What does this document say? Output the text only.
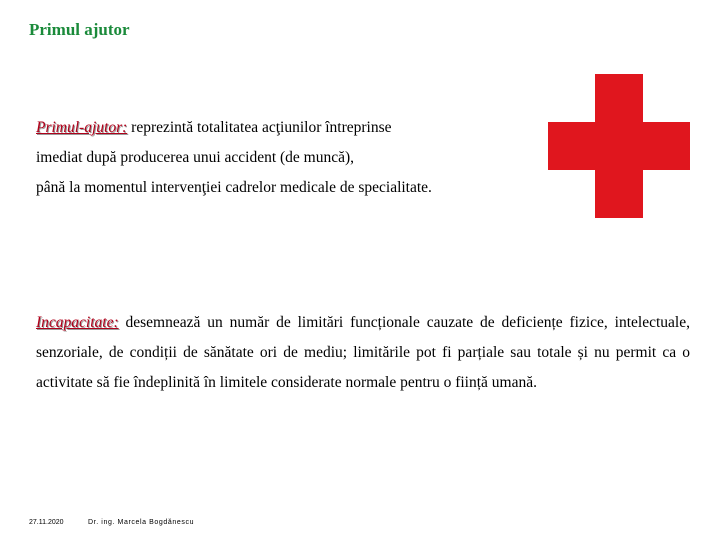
Primul ajutor
Primul-ajutor: reprezintă totalitatea acţiunilor întreprinse
imediat după producerea unui accident (de muncă),
până la momentul intervenţiei cadrelor medicale de specialitate.
Incapacitate: desemnează un număr de limitări funcționale cauzate de deficiențe fizice, intelectuale, senzoriale, de condiții de sănătate ori de mediu; limitările pot fi parțiale sau totale și nu permit ca o activitate să fie îndeplinită în limitele considerate normale pentru o ființă umană.
27.11.2020	Dr. ing. Marcela Bogdănescu
